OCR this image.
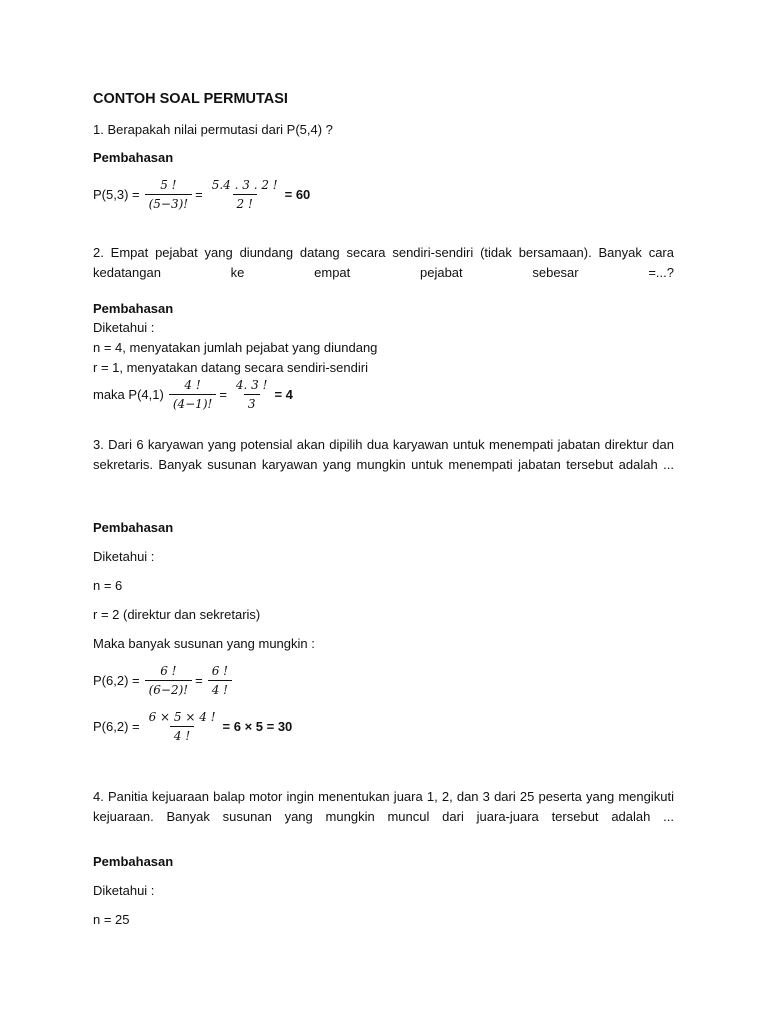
CONTOH SOAL PERMUTASI
1. Berapakah nilai permutasi dari P(5,4) ?
Pembahasan
$P(5,3) = \frac{5 !}{(5-3)!} = \frac{5.4 . 3 . 2 !}{2 !} = 60$
2. Empat pejabat yang diundang datang secara sendiri-sendiri (tidak bersamaan). Banyak cara kedatangan ke empat pejabat sebesar =...?
Pembahasan
Diketahui :
n = 4, menyatakan jumlah pejabat yang diundang
r = 1, menyatakan datang secara sendiri-sendiri
maka $P(4,1) \frac{4 !}{(4-1)!} = \frac{4. 3 !}{3} = 4$
3. Dari 6 karyawan yang potensial akan dipilih dua karyawan untuk menempati jabatan direktur dan sekretaris. Banyak susunan karyawan yang mungkin untuk menempati jabatan tersebut adalah ...
Pembahasan
Diketahui :
n = 6
r = 2 (direktur dan sekretaris)
Maka banyak susunan yang mungkin :
$P(6,2) = \frac{6 !}{(6-2)!} = \frac{6 !}{4 !}$
$P(6,2) = \frac{6 \times 5 \times 4 !}{4 !} = 6 \times 5 = 30$
4. Panitia kejuaraan balap motor ingin menentukan juara 1, 2, dan 3 dari 25 peserta yang mengikuti kejuaraan. Banyak susunan yang mungkin muncul dari juara-juara tersebut adalah ...
Pembahasan
Diketahui :
n = 25
